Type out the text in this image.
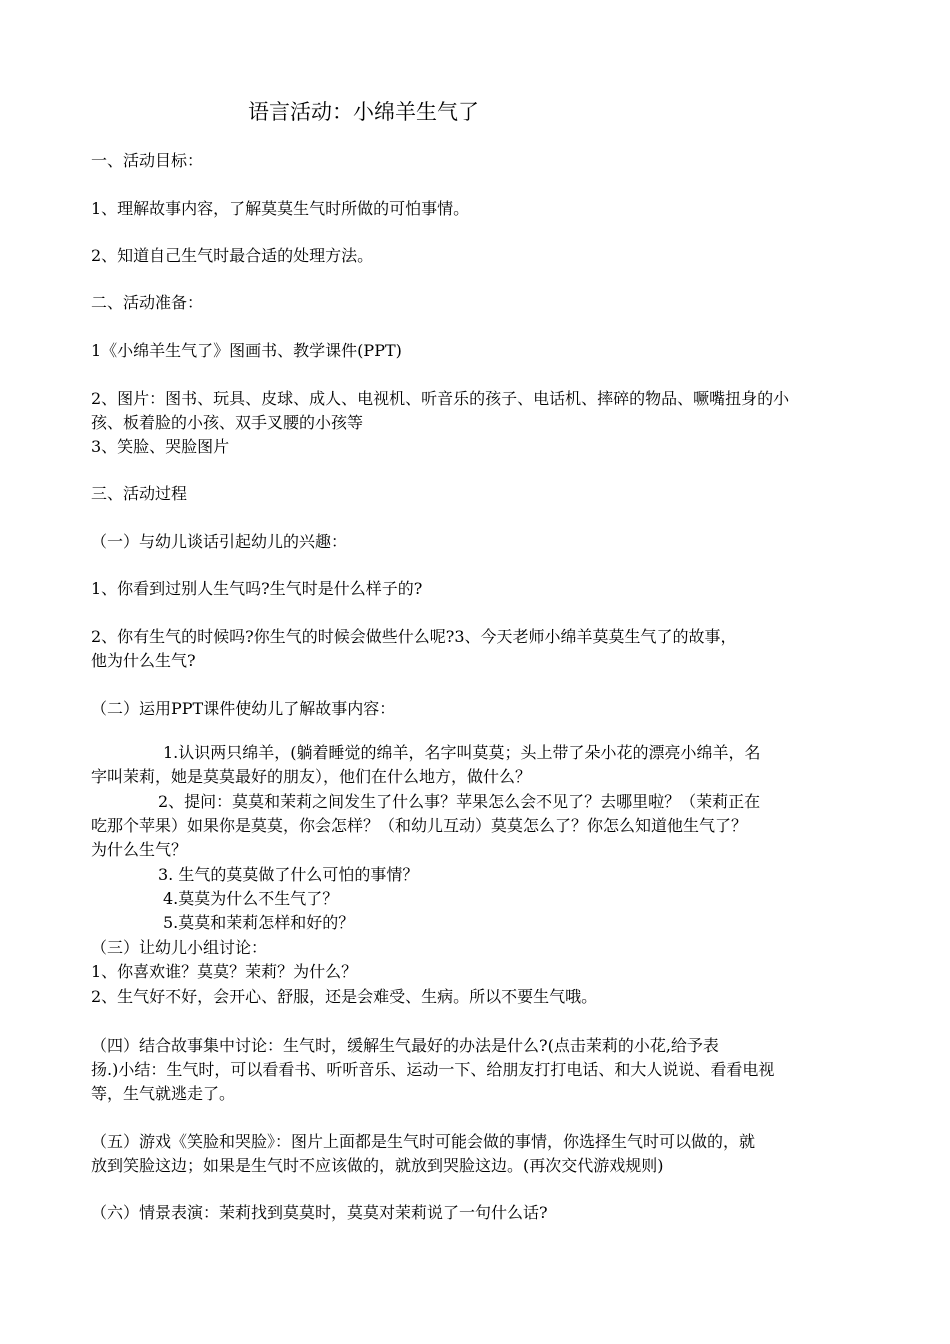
语言活动：小绵羊生气了
一、活动目标：
1、理解故事内容，了解莫莫生气时所做的可怕事情。
2、知道自己生气时最合适的处理方法。
二、活动准备：
1《小绵羊生气了》图画书、教学课件(PPT)
2、图片：图书、玩具、皮球、成人、电视机、听音乐的孩子、电话机、摔碎的物品、噘嘴扭身的小
孩、板着脸的小孩、双手叉腰的小孩等
3、笑脸、哭脸图片
三、活动过程
（一）与幼儿谈话引起幼儿的兴趣：
1、你看到过别人生气吗?生气时是什么样子的?
2、你有生气的时候吗?你生气的时候会做些什么呢?3、今天老师小绵羊莫莫生气了的故事，
他为什么生气?
（二）运用PPT课件使幼儿了解故事内容：
1.认识两只绵羊，(躺着睡觉的绵羊，名字叫莫莫；头上带了朵小花的漂亮小绵羊，名
字叫茉莉，她是莫莫最好的朋友），他们在什么地方，做什么？
2、提问：莫莫和茉莉之间发生了什么事？苹果怎么会不见了？去哪里啦？（茉莉正在
吃那个苹果）如果你是莫莫，你会怎样？（和幼儿互动）莫莫怎么了？你怎么知道他生气了？
为什么生气？
3. 生气的莫莫做了什么可怕的事情？
4.莫莫为什么不生气了？
5.莫莫和茉莉怎样和好的？
（三）让幼儿小组讨论：
1、你喜欢谁？莫莫？茉莉？为什么？
2、生气好不好，会开心、舒服，还是会难受、生病。所以不要生气哦。
（四）结合故事集中讨论：生气时，缓解生气最好的办法是什么?(点击茉莉的小花,给予表
扬.)小结：生气时，可以看看书、听听音乐、运动一下、给朋友打打电话、和大人说说、看看电视
等，生气就逃走了。
（五）游戏《笑脸和哭脸》：图片上面都是生气时可能会做的事情，你选择生气时可以做的，就
放到笑脸这边；如果是生气时不应该做的，就放到哭脸这边。(再次交代游戏规则)
（六）情景表演：茉莉找到莫莫时，莫莫对茉莉说了一句什么话?
